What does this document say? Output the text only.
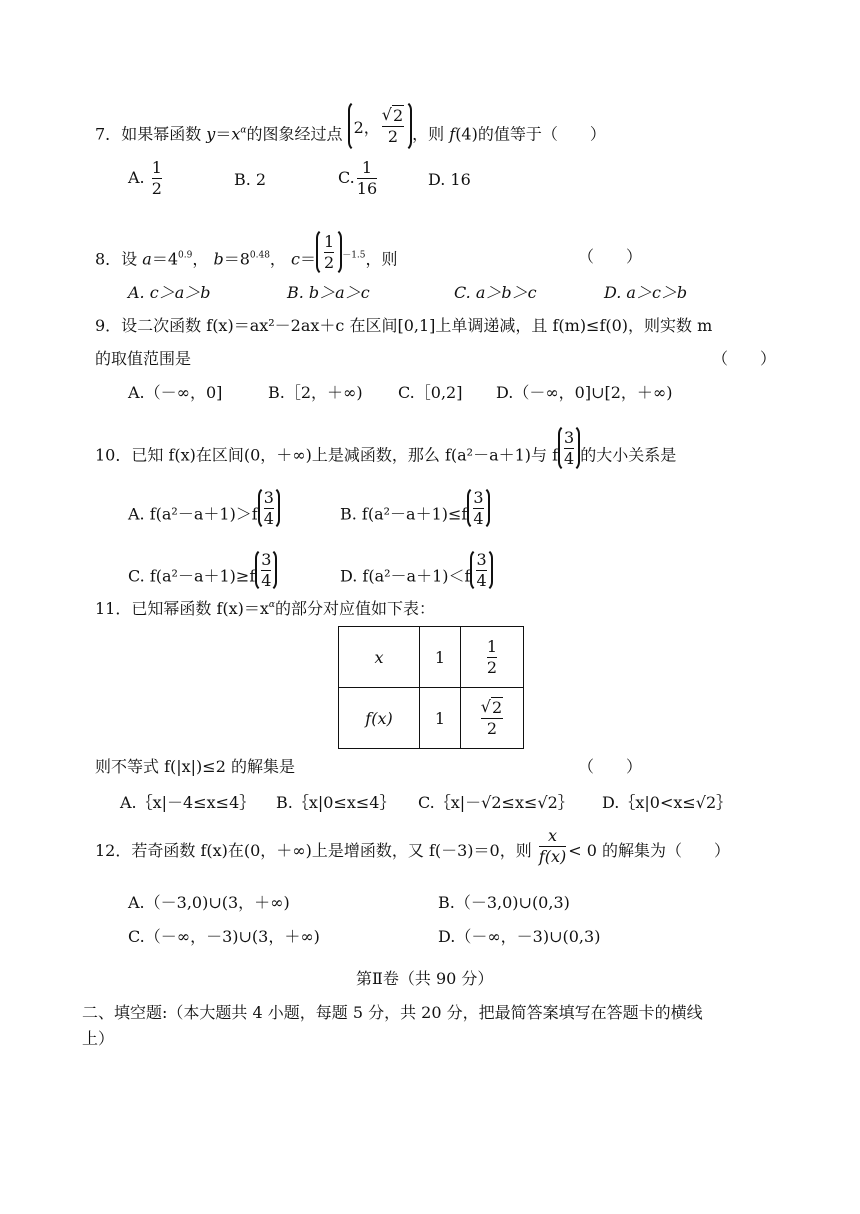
7．如果幂函数 $y=x^\alpha$的图象经过点 2， $\frac{√ 2}{2}$ ，则 f(4)的值等于（　　）
A. $\frac{1}{2}$	B. 2	C. $\frac{1}{16}$	D. 16
8．设 $a=4^{0.9}$， $b=8^{0.48}$， $c= \frac{1}{2} ^{-1.5}$，则	（　　）
A. c＞a＞b	B. b＞a＞c	C. a＞b＞c	D. a＞c＞b
9．设二次函数 f(x)＝ax²－2ax＋c 在区间[0,1]上单调递减，且 f(m)≤f(0)，则实数 m
的取值范围是	（　　）
A.（－∞，0]	B.［2，＋∞) C.［0,2] D.（－∞，0]∪[2，＋∞)
10．已知 f(x)在区间(0，＋∞)上是减函数，那么 f(a²－a＋1)与 f $\frac{3}{4}$ 的大小关系是
A. $f(a^2-a+1)>f \frac{3}{4}$	B. $f(a^2-a+1)\le f \frac{3}{4}$
C. $f(a^2-a+1)\ge f \frac{3}{4}$	D. $f(a^2-a+1)<f \frac{3}{4}$
11．已知幂函数 $f(x)=x^\alpha$的部分对应值如下表：
x	1	$\frac{1}{2}$

f(x)	1	$\frac{√ 2}{2}$
则不等式 f(|x|)≤2 的解集是	（　　）
A.｛x|－4≤x≤4｝ B.｛x|0≤x≤4｝ C.｛x|－√2≤x≤√2｝ D.｛x|0<x≤√2｝
12．若奇函数 f(x)在(0，＋∞)上是增函数，又 f(－3)＝0，则 $\frac{x}{f(x)} < 0$ 的解集为（　　）
A.（－3,0)∪(3，＋∞)	B.（－3,0)∪(0,3)
C.（－∞，－3)∪(3，＋∞)	D.（－∞，－3)∪(0,3)
第Ⅱ卷（共 90 分）
二、填空题:（本大题共 4 小题，每题 5 分，共 20 分，把最简答案填写在答题卡的横线
上）
